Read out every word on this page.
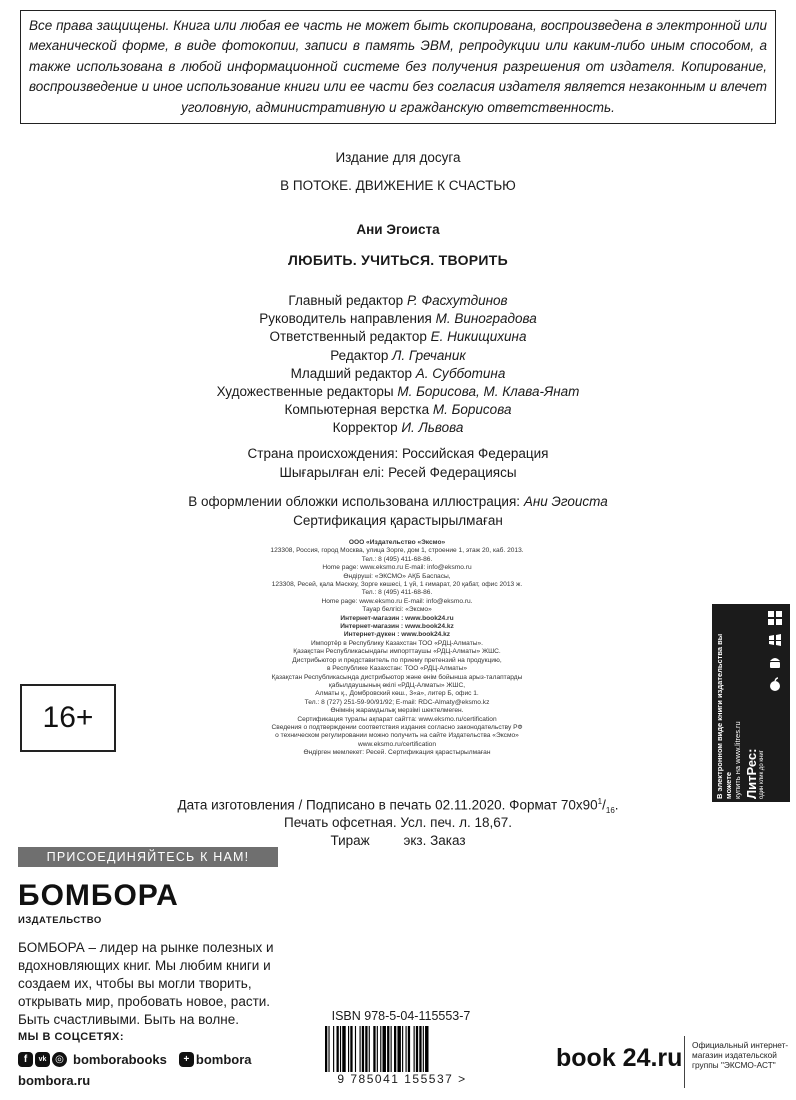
Все права защищены. Книга или любая ее часть не может быть скопирована, воспроизведена в электронной или механической форме, в виде фотокопии, записи в память ЭВМ, репродукции или каким-либо иным способом, а также использована в любой информационной системе без получения разрешения от издателя. Копирование, воспроизведение и иное использование книги или ее части без согласия издателя является незаконным и влечет уголовную, административную и гражданскую ответственность.
Издание для досуга
В ПОТОКЕ. ДВИЖЕНИЕ К СЧАСТЬЮ
Ани Эгоиста
ЛЮБИТЬ. УЧИТЬСЯ. ТВОРИТЬ
Главный редактор Р. Фасхутдинов
Руководитель направления М. Виноградова
Ответственный редактор Е. Никищихина
Редактор Л. Гречаник
Младший редактор А. Субботина
Художественные редакторы М. Борисова, М. Клава-Янат
Компьютерная верстка М. Борисова
Корректор И. Львова
Страна происхождения: Российская Федерация
Шығарылған елі: Ресей Федерациясы
В оформлении обложки использована иллюстрация: Ани Эгоиста
Сертификация қарастырылмаған
ООО «Издательство «Эксмо»
123308, Россия, город Москва, улица Зорге, дом 1, строение 1, этаж 20, каб. 2013.
Тел.: 8 (495) 411-68-86.
Home page: www.eksmo.ru E-mail: info@eksmo.ru
Өндіруші: «ЭКСМО» АҚБ Баспасы,
123308, Ресей, қала Мәскеу, Зорге көшесі, 1 үй, 1 ғимарат, 20 қабат, офис 2013 ж.
Тел.: 8 (495) 411-68-86.
Home page: www.eksmo.ru E-mail: info@eksmo.ru.
Тауар белгісі: «Эксмо»
Интернет-магазин : www.book24.ru
Интернет-магазин : www.book24.kz
Интернет-дүкен : www.book24.kz
Импортёр в Республику Казахстан ТОО «РДЦ-Алматы».
Қазақстан Республикасындағы импорттаушы «РДЦ-Алматы» ЖШС.
Дистрибьютор и представитель по приему претензий на продукцию,
в Республике Казахстан: ТОО «РДЦ-Алматы»
Қазақстан Республикасында дистрибьютор және өнім бойынша арыз-талаптарды
қабылдаушының өкілі «РДЦ-Алматы» ЖШС,
Алматы қ., Домбровский көш., 3«а», литер Б, офис 1.
Тел.: 8 (727) 251-59-90/91/92; E-mail: RDC-Almaty@eksmo.kz
Өнімнің жарамдылық мерзімі шектелмеген.
Сертификация туралы ақпарат сайтта: www.eksmo.ru/certification
Сведения о подтверждении соответствия издания согласно законодательству РФ
о техническом регулировании можно получить на сайте Издательства «Эксмо»
www.eksmo.ru/certification
Өндірген мемлекет: Ресей. Сертификация қарастырылмаған
16+	В электронном виде книги издательства вы можете купить на www.litres.ru ЛитРес: один клик до книг
Дата изготовления / Подписано в печать 02.11.2020. Формат $70х90^1/_{16}$.
Печать офсетная. Усл. печ. л. 18,67.
Тираж         экз. Заказ
ПРИСОЕДИНЯЙТЕСЬ К НАМ!
БОМБОРА
ИЗДАТЕЛЬСТВО
БОМБОРА – лидер на рынке полезных и вдохновляющих книг. Мы любим книги и создаем их, чтобы вы могли творить, открывать мир, пробовать новое, расти. Быть счастливыми. Быть на волне.
МЫ В СОЦСЕТЯХ:
f	vk ◎ bomborabooks	+ bombora
bombora.ru
ISBN 978-5-04-115553-7
9 785041 155537 >
book 24.ru Официальный интернет-магазин издательской группы "ЭКСМО-АСТ"
